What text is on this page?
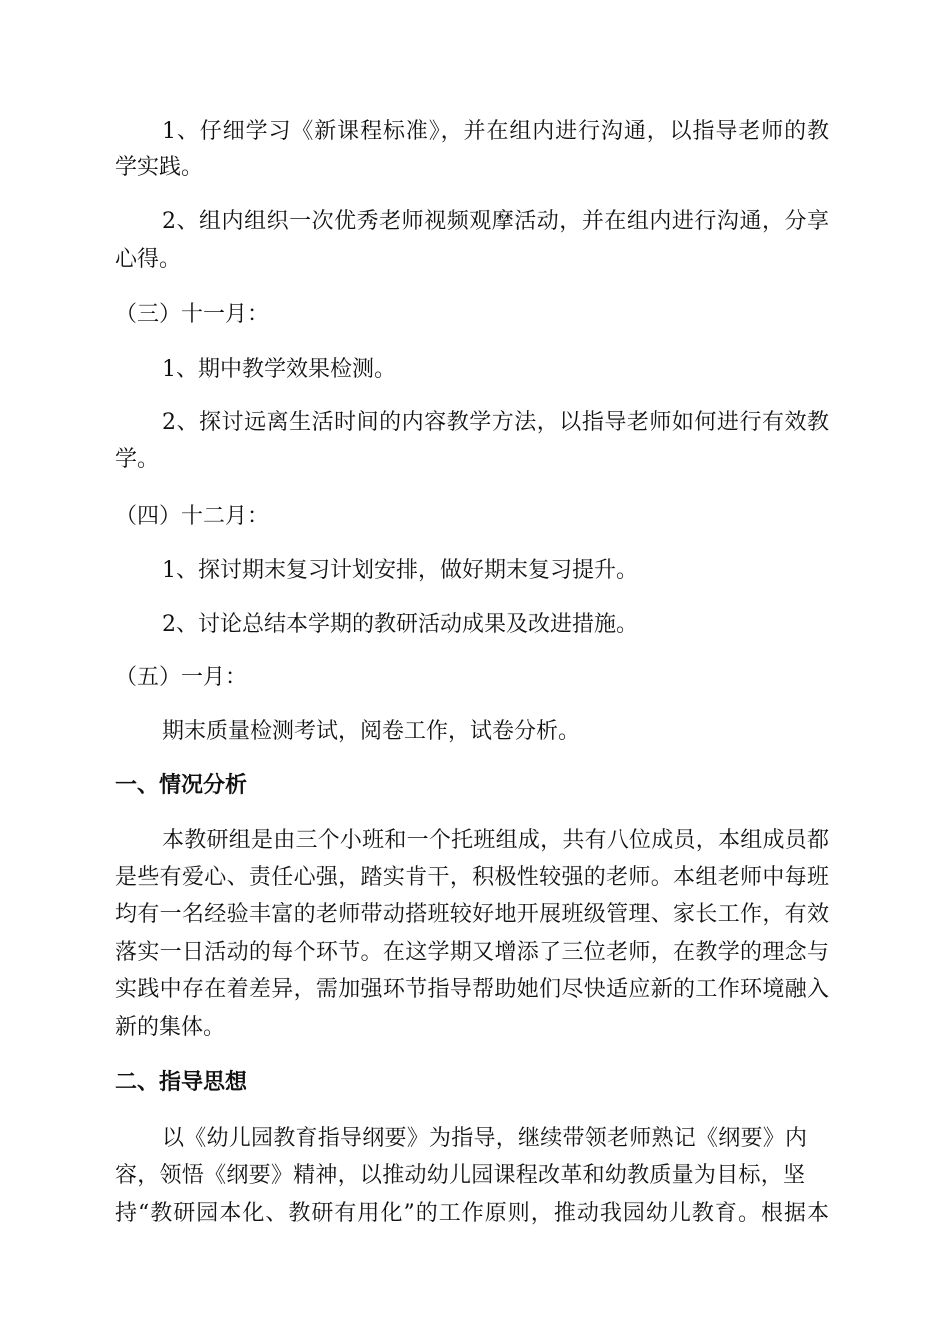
1、仔细学习《新课程标准》，并在组内进行沟通，以指导老师的教
学实践。
2、组内组织一次优秀老师视频观摩活动，并在组内进行沟通，分享
心得。
（三）十一月：
1、期中教学效果检测。
2、探讨远离生活时间的内容教学方法，以指导老师如何进行有效教
学。
（四）十二月：
1、探讨期末复习计划安排，做好期末复习提升。
2、讨论总结本学期的教研活动成果及改进措施。
（五）一月：
期末质量检测考试，阅卷工作，试卷分析。
一、情况分析
本教研组是由三个小班和一个托班组成，共有八位成员，本组成员都
是些有爱心、责任心强，踏实肯干，积极性较强的老师。本组老师中每班
均有一名经验丰富的老师带动搭班较好地开展班级管理、家长工作，有效
落实一日活动的每个环节。在这学期又增添了三位老师，在教学的理念与
实践中存在着差异，需加强环节指导帮助她们尽快适应新的工作环境融入
新的集体。
二、指导思想
以《幼儿园教育指导纲要》为指导，继续带领老师熟记《纲要》内
容，领悟《纲要》精神，以推动幼儿园课程改革和幼教质量为目标，坚
持“教研园本化、教研有用化”的工作原则，推动我园幼儿教育。根据本
